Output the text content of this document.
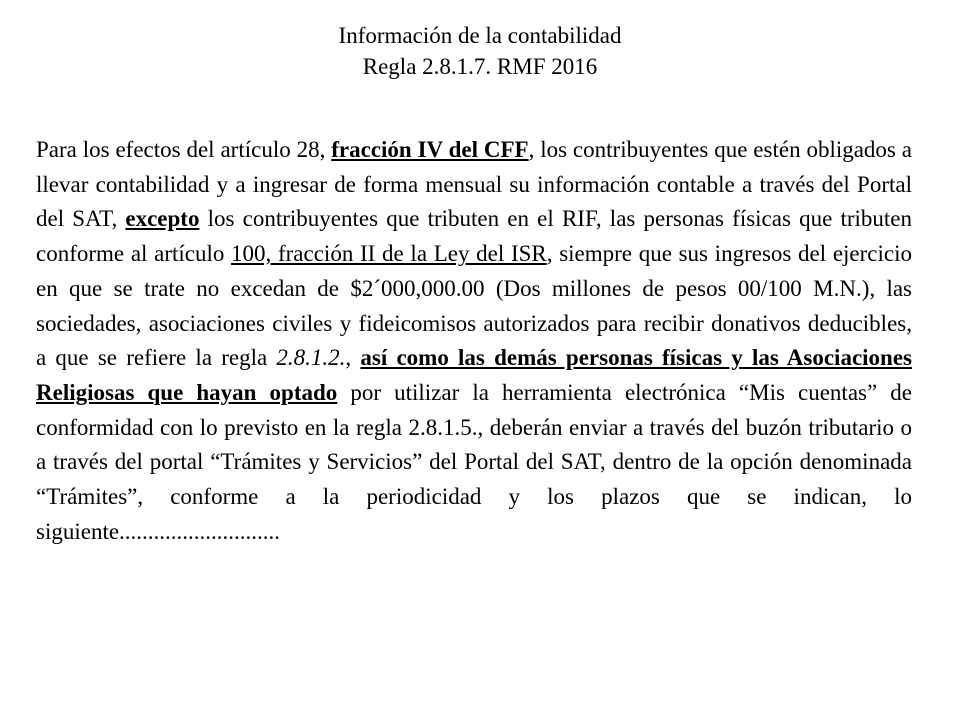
Información de la contabilidad
Regla 2.8.1.7. RMF 2016

Para los efectos del artículo 28, fracción IV del CFF, los contribuyentes que estén obligados a llevar contabilidad y a ingresar de forma mensual su información contable a través del Portal del SAT, excepto los contribuyentes que tributen en el RIF, las personas físicas que tributen conforme al artículo 100, fracción II de la Ley del ISR, siempre que sus ingresos del ejercicio en que se trate no excedan de $2´000,000.00 (Dos millones de pesos 00/100 M.N.), las sociedades, asociaciones civiles y fideicomisos autorizados para recibir donativos deducibles, a que se refiere la regla 2.8.1.2., así como las demás personas físicas y las Asociaciones Religiosas que hayan optado por utilizar la herramienta electrónica “Mis cuentas” de conformidad con lo previsto en la regla 2.8.1.5., deberán enviar a través del buzón tributario o a través del portal “Trámites y Servicios” del Portal del SAT, dentro de la opción denominada “Trámites”, conforme a la periodicidad y los plazos que se indican, lo siguiente............................
